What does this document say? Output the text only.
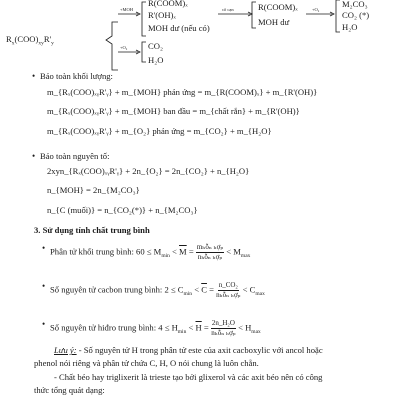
$R_x(COO)_{xy}R'_y$
+MOH
+O₂
R(COOM)ₓ
R'(OH)ₓ
MOH dư (nếu có)
cô cạn	R(COOM)ₓ
MOH dư
+O₂
M₂CO₃
CO₂ (*)
H₂O
CO₂
H₂O
• Bảo toàn khối lượng:
m_{Rₓ(COO)ₓᵧR'ᵧ} + m_{MOH} phản ứng = m_{R(COOM)ₓ} + m_{R'(OH)}
m_{Rₓ(COO)ₓᵧR'ᵧ} + m_{MOH} ban đầu = m_{chất rắn} + m_{R'(OH)}
m_{Rₓ(COO)ₓᵧR'ᵧ} + m_{O₂} phản ứng = m_{CO₂} + m_{H₂O}
• Bảo toàn nguyên tố:
2xyn_{Rₓ(COO)ₓᵧR'ᵧ} + 2n_{O₂} = 2n_{CO₂} + n_{H₂O}
n_{MOH} = 2n_{M₂CO₃}
n_{C (muối)} = n_{CO₂(*)} + n_{M₂CO₃}
3. Sử dụng tính chất trung bình
• Phân tử khối trung bình: $60 \le M_{min} < \overline{M} = \frac{\text{mₕỗₙ ₕợₚ}}{\text{nₕỗₙ ₕợₚ}} < M_{max}$
• Số nguyên tử cacbon trung bình: $2 \le C_{min} < \overline{C} = \frac{\text{n\_CO₂}}{\text{nₕỗₙ ₕợₚ}} < C_{max}$
• Số nguyên tử hiđro trung bình: $4 \le H_{min} < \overline{H} = \frac{\text{2n\_H₂O}}{\text{nₕỗₙ ₕợₚ}} < H_{max}$
Lưu ý: - Số nguyên tử H trong phân tử este của axit cacboxylic với ancol hoặc
phenol nói riêng và phân tử chứa C, H, O nói chung là luôn chẵn.
- Chất béo hay triglixerit là trieste tạo bởi glixerol và các axit béo nên có công
thức tổng quát dạng:
